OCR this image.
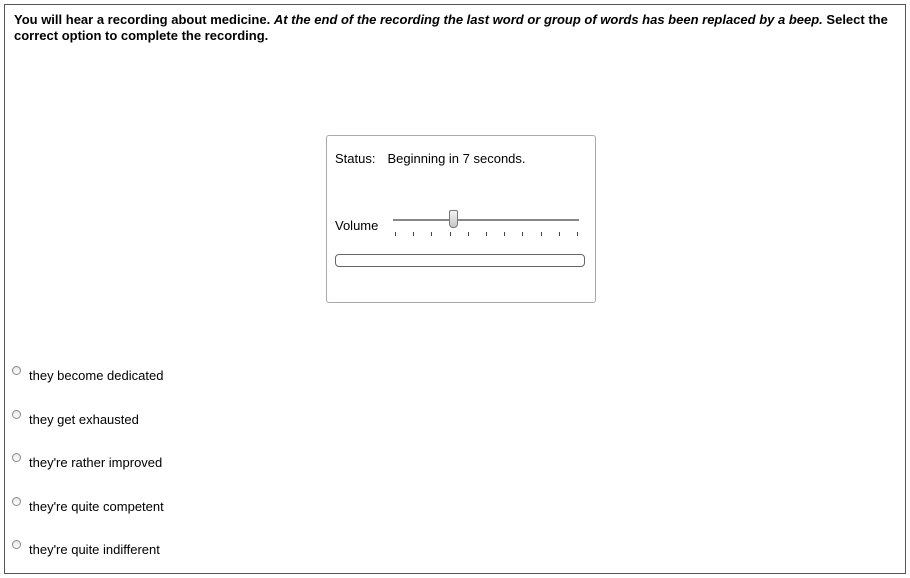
You will hear a recording about medicine. At the end of the recording the last word or group of words has been replaced by a beep. Select the correct option to complete the recording.
Status: Beginning in 7 seconds.
Volume
they become dedicated
they get exhausted
they're rather improved
they're quite competent
they're quite indifferent
